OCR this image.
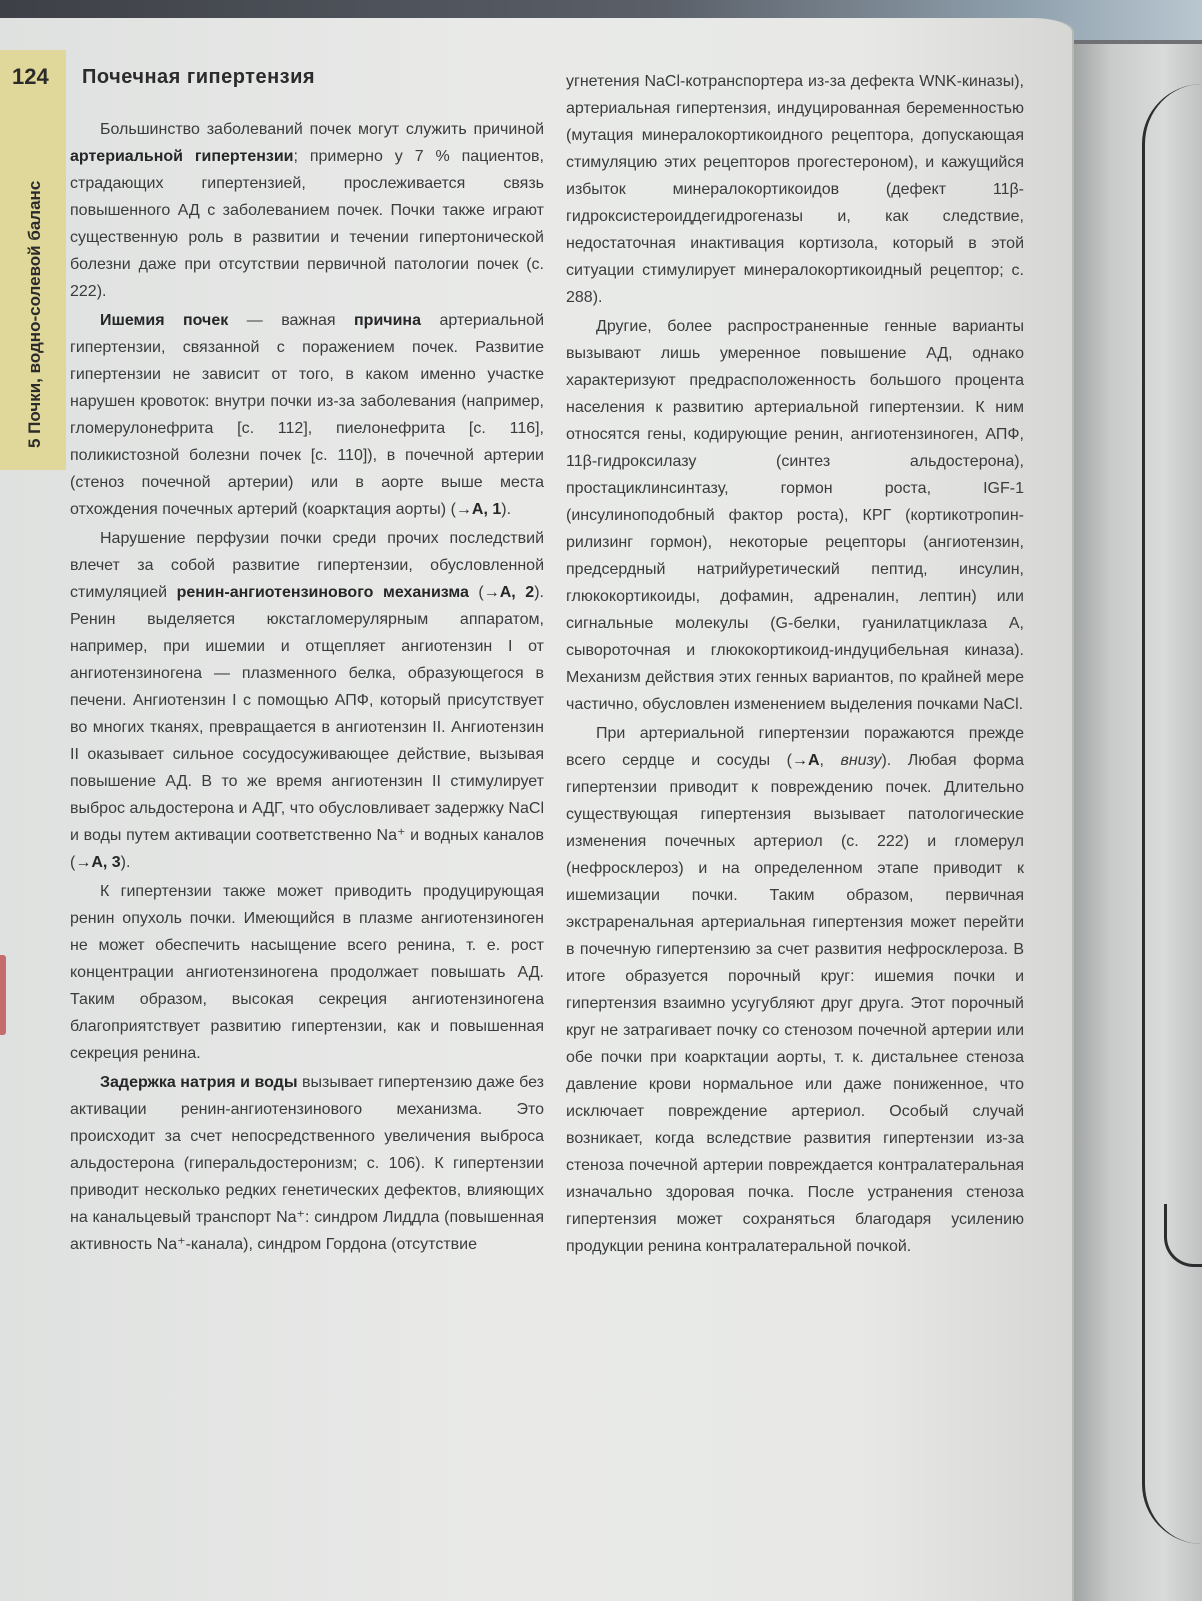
124	Почечная гипертензия
5 Почки, водно-солевой баланс

Большинство заболеваний почек могут служить причиной артериальной гипертензии; примерно у 7 % пациентов, страдающих гипертензией, прослеживается связь повышенного АД с заболеванием почек. Почки также играют существенную роль в развитии и течении гипертонической болезни даже при отсутствии первичной патологии почек (с. 222).

Ишемия почек — важная причина артериальной гипертензии, связанной с поражением почек. Развитие гипертензии не зависит от того, в каком именно участке нарушен кровоток: внутри почки из-за заболевания (например, гломерулонефрита [с. 112], пиелонефрита [с. 116], поликистозной болезни почек [с. 110]), в почечной артерии (стеноз почечной артерии) или в аорте выше места отхождения почечных артерий (коарктация аорты) (→A, 1).

Нарушение перфузии почки среди прочих последствий влечет за собой развитие гипертензии, обусловленной стимуляцией ренин-ангиотензинового механизма (→A, 2). Ренин выделяется юкстагломерулярным аппаратом, например, при ишемии и отщепляет ангиотензин I от ангиотензиногена — плазменного белка, образующегося в печени. Ангиотензин I с помощью АПФ, который присутствует во многих тканях, превращается в ангиотензин II. Ангиотензин II оказывает сильное сосудосуживающее действие, вызывая повышение АД. В то же время ангиотензин II стимулирует выброс альдостерона и АДГ, что обусловливает задержку NaCl и воды путем активации соответственно Na⁺ и водных каналов (→A, 3).

К гипертензии также может приводить продуцирующая ренин опухоль почки. Имеющийся в плазме ангиотензиноген не может обеспечить насыщение всего ренина, т. е. рост концентрации ангиотензиногена продолжает повышать АД. Таким образом, высокая секреция ангиотензиногена благоприятствует развитию гипертензии, как и повышенная секреция ренина.

Задержка натрия и воды вызывает гипертензию даже без активации ренин-ангиотензинового механизма. Это происходит за счет непосредственного увеличения выброса альдостерона (гиперальдостеронизм; с. 106). К гипертензии приводит несколько редких генетических дефектов, влияющих на канальцевый транспорт Na⁺: синдром Лиддла (повышенная активность Na⁺-канала), синдром Гордона (отсутствие

угнетения NaCl-котранспортера из-за дефекта WNK-киназы), артериальная гипертензия, индуцированная беременностью (мутация минералокортикоидного рецептора, допускающая стимуляцию этих рецепторов прогестероном), и кажущийся избыток минералокортикоидов (дефект 11β-гидроксистероиддегидрогеназы и, как следствие, недостаточная инактивация кортизола, который в этой ситуации стимулирует минералокортикоидный рецептор; с. 288).

Другие, более распространенные генные варианты вызывают лишь умеренное повышение АД, однако характеризуют предрасположенность большого процента населения к развитию артериальной гипертензии. К ним относятся гены, кодирующие ренин, ангиотензиноген, АПФ, 11β-гидроксилазу (синтез альдостерона), простациклинсинтазу, гормон роста, IGF-1 (инсулиноподобный фактор роста), КРГ (кортикотропин-рилизинг гормон), некоторые рецепторы (ангиотензин, предсердный натрийуретический пептид, инсулин, глюкокортикоиды, дофамин, адреналин, лептин) или сигнальные молекулы (G-белки, гуанилатциклаза А, сывороточная и глюкокортикоид-индуцибельная киназа). Механизм действия этих генных вариантов, по крайней мере частично, обусловлен изменением выделения почками NaCl.

При артериальной гипертензии поражаются прежде всего сердце и сосуды (→A, внизу). Любая форма гипертензии приводит к повреждению почек. Длительно существующая гипертензия вызывает патологические изменения почечных артериол (с. 222) и гломерул (нефросклероз) и на определенном этапе приводит к ишемизации почки. Таким образом, первичная экстраренальная артериальная гипертензия может перейти в почечную гипертензию за счет развития нефросклероза. В итоге образуется порочный круг: ишемия почки и гипертензия взаимно усугубляют друг друга. Этот порочный круг не затрагивает почку со стенозом почечной артерии или обе почки при коарктации аорты, т. к. дистальнее стеноза давление крови нормальное или даже пониженное, что исключает повреждение артериол. Особый случай возникает, когда вследствие развития гипертензии из-за стеноза почечной артерии повреждается контралатеральная изначально здоровая почка. После устранения стеноза гипертензия может сохраняться благодаря усилению продукции ренина контралатеральной почкой.
